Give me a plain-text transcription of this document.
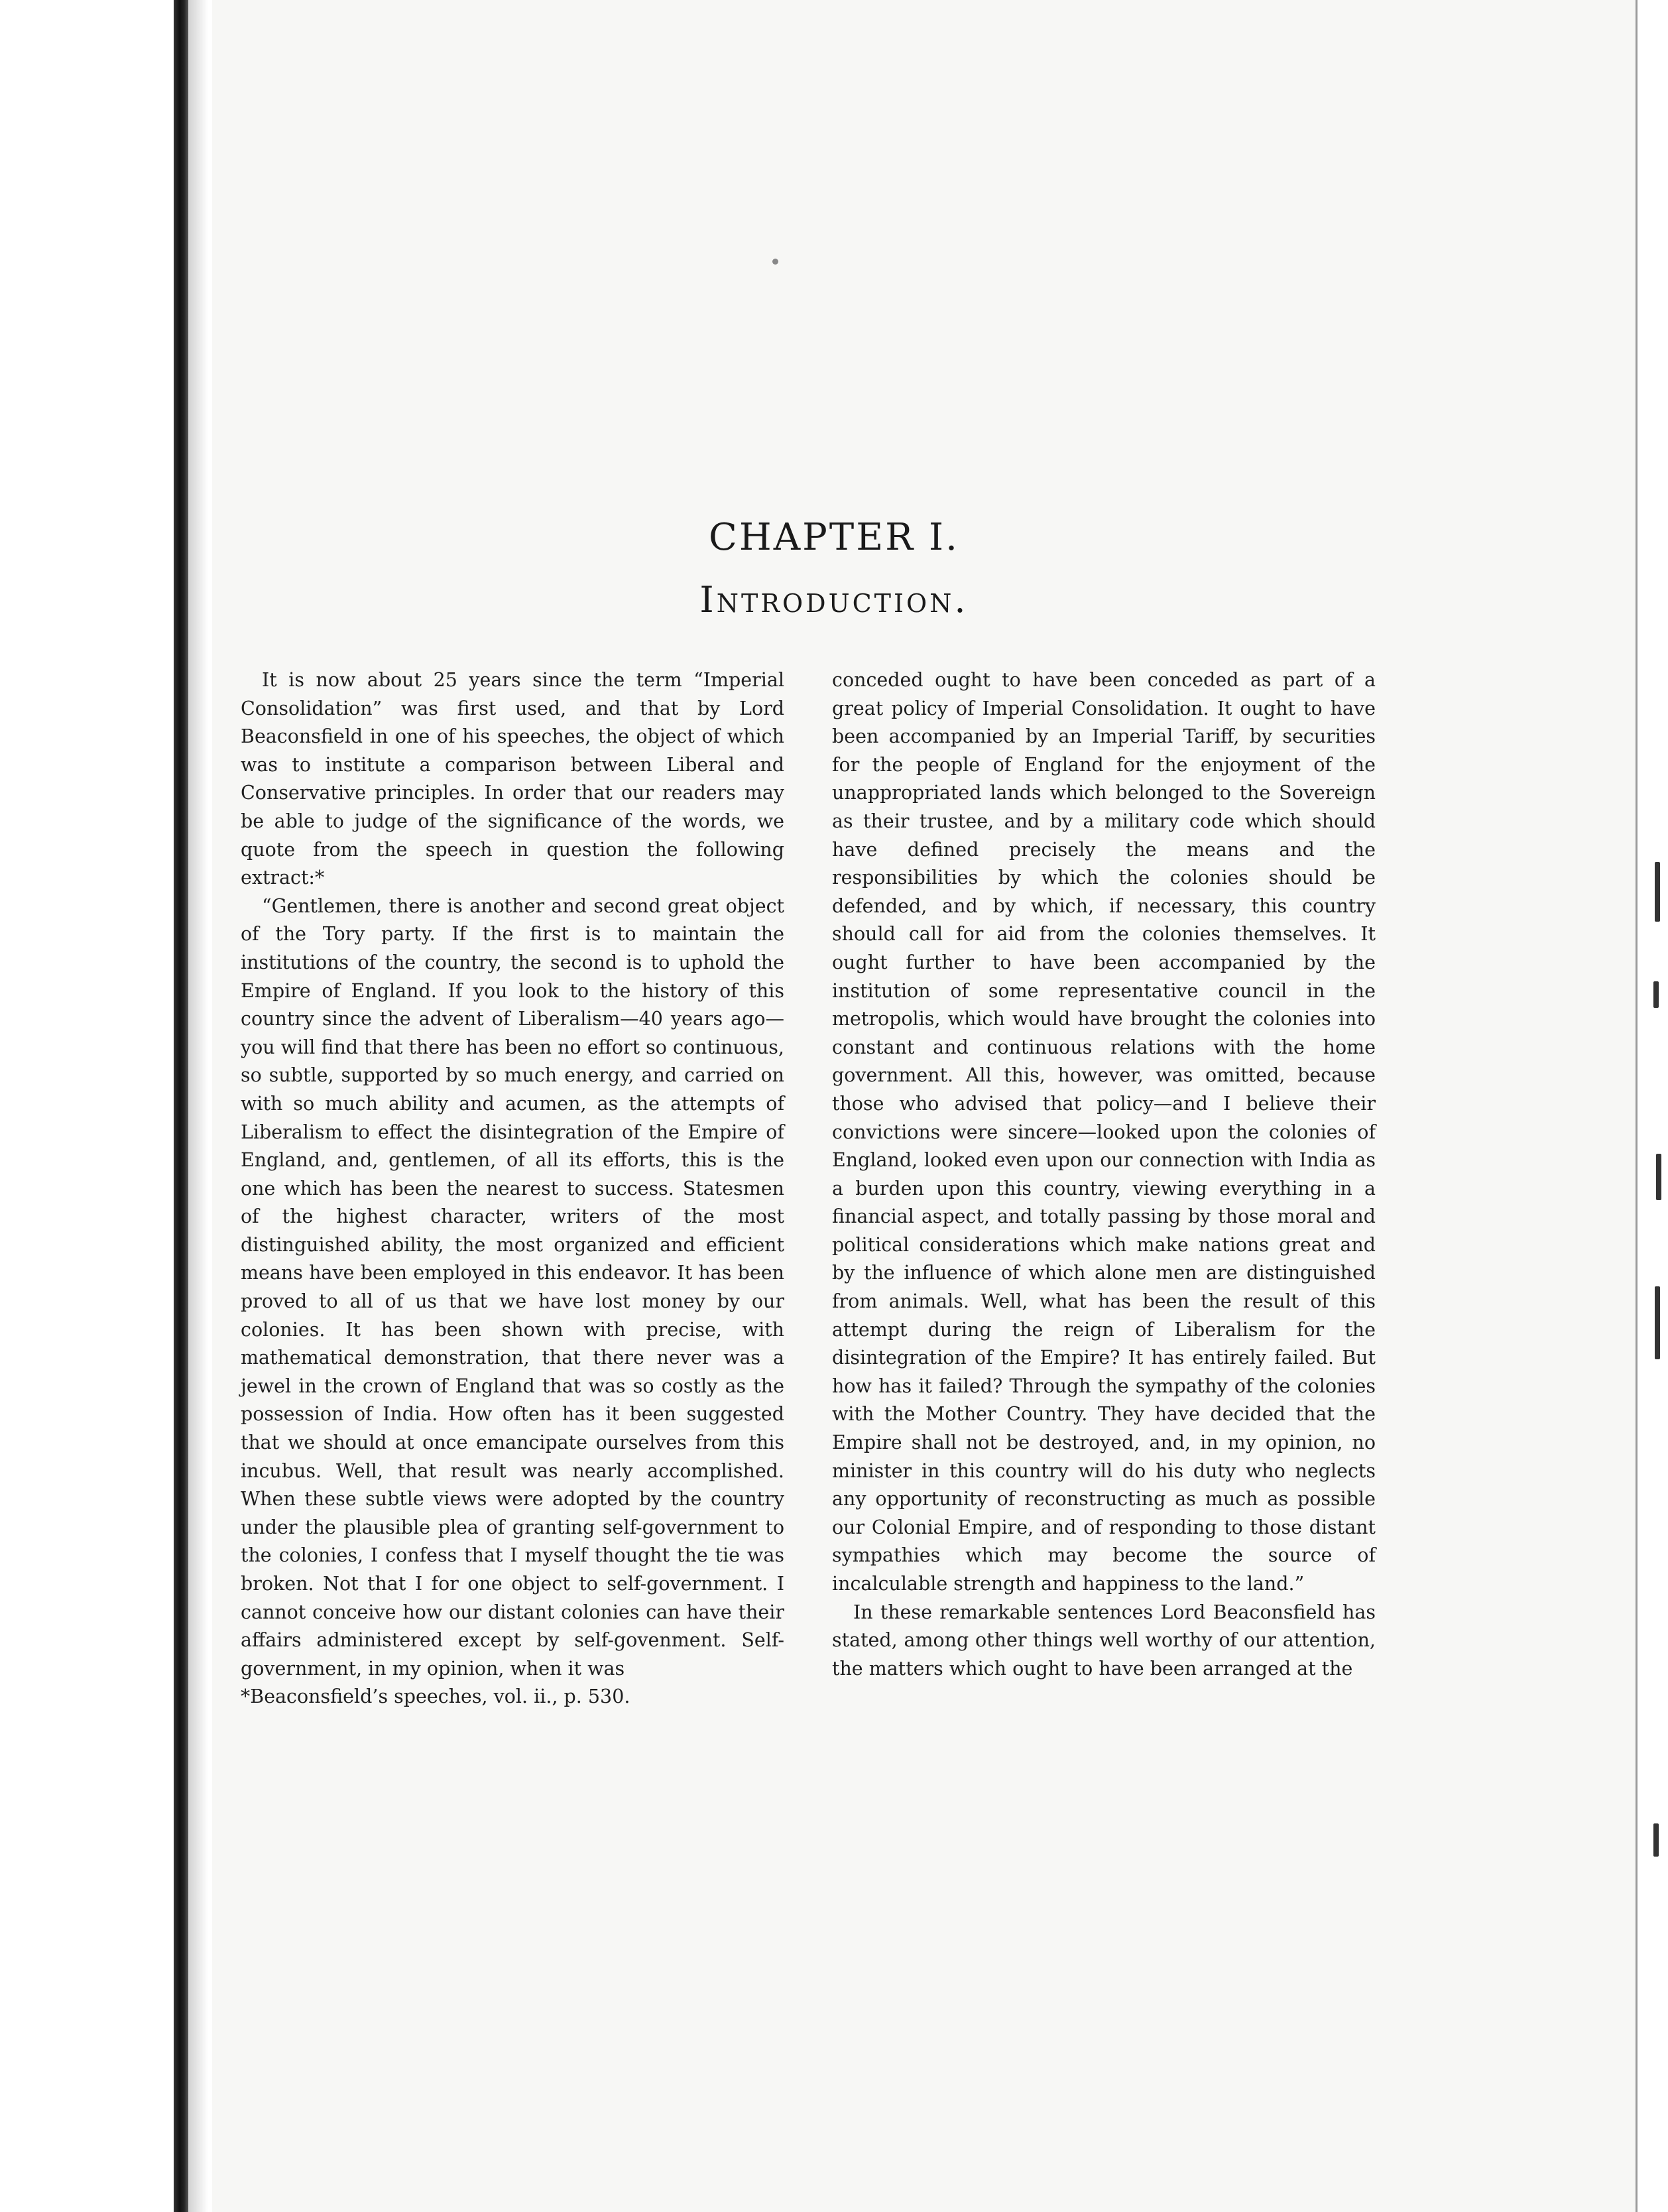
CHAPTER I.
Introduction.

It is now about 25 years since the term “Imperial Consolidation” was first used, and that by Lord Beaconsfield in one of his speeches, the object of which was to institute a comparison between Liberal and Conservative principles. In order that our readers may be able to judge of the significance of the words, we quote from the speech in question the following extract:*

“Gentlemen, there is another and second great object of the Tory party. If the first is to maintain the institutions of the country, the second is to uphold the Empire of England. If you look to the history of this country since the advent of Liberalism—40 years ago—you will find that there has been no effort so continuous, so subtle, supported by so much energy, and carried on with so much ability and acumen, as the attempts of Liberalism to effect the disintegration of the Empire of England, and, gentlemen, of all its efforts, this is the one which has been the nearest to success. Statesmen of the highest character, writers of the most distinguished ability, the most organized and efficient means have been employed in this endeavor. It has been proved to all of us that we have lost money by our colonies. It has been shown with precise, with mathematical demonstration, that there never was a jewel in the crown of England that was so costly as the possession of India. How often has it been suggested that we should at once emancipate ourselves from this incubus. Well, that result was nearly accomplished. When these subtle views were adopted by the country under the plausible plea of granting self-government to the colonies, I confess that I myself thought the tie was broken. Not that I for one object to self-government. I cannot conceive how our distant colonies can have their affairs administered except by self-govenment. Self-government, in my opinion, when it was

*Beaconsfield’s speeches, vol. ii., p. 530.

conceded ought to have been conceded as part of a great policy of Imperial Consolidation. It ought to have been accompanied by an Imperial Tariff, by securities for the people of England for the enjoyment of the unappropriated lands which belonged to the Sovereign as their trustee, and by a military code which should have defined precisely the means and the responsibilities by which the colonies should be defended, and by which, if necessary, this country should call for aid from the colonies themselves. It ought further to have been accompanied by the institution of some representative council in the metropolis, which would have brought the colonies into constant and continuous relations with the home government. All this, however, was omitted, because those who advised that policy—and I believe their convictions were sincere—looked upon the colonies of England, looked even upon our connection with India as a burden upon this country, viewing everything in a financial aspect, and totally passing by those moral and political considerations which make nations great and by the influence of which alone men are distinguished from animals. Well, what has been the result of this attempt during the reign of Liberalism for the disintegration of the Empire? It has entirely failed. But how has it failed? Through the sympathy of the colonies with the Mother Country. They have decided that the Empire shall not be destroyed, and, in my opinion, no minister in this country will do his duty who neglects any opportunity of reconstructing as much as possible our Colonial Empire, and of responding to those distant sympathies which may become the source of incalculable strength and happiness to the land.”

In these remarkable sentences Lord Beaconsfield has stated, among other things well worthy of our attention, the matters which ought to have been arranged at the
